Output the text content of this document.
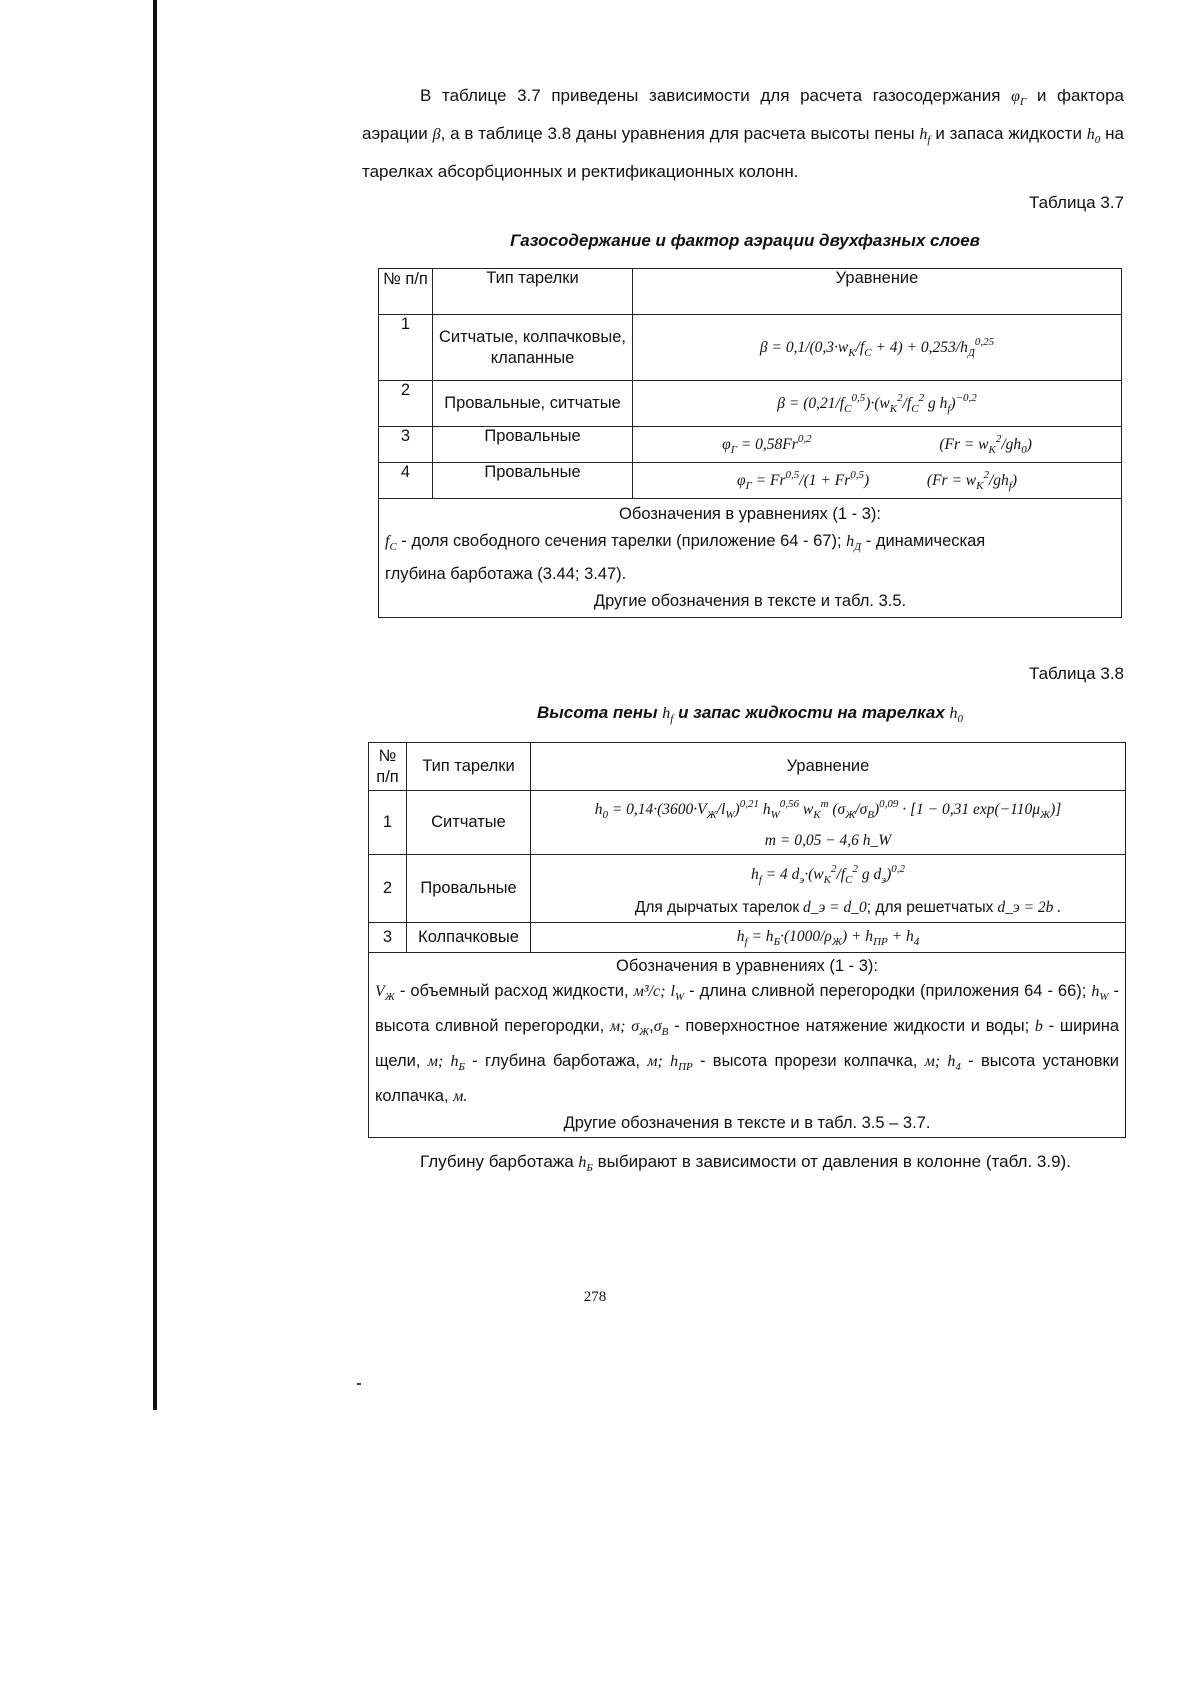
В таблице 3.7 приведены зависимости для расчета газосодержания $\varphi_Г$ и фактора аэрации β, а в таблице 3.8 даны уравнения для расчета высоты пены $h_f$ и запаса жидкости $h_0$ на тарелках абсорбционных и ректификационных колонн.

Таблица 3.7
Газосодержание и фактор аэрации двухфазных слоев
№ п/п	Тип тарелки	Уравнение
1	Ситчатые, колпачковые, клапанные	$\beta = 0,1/(0,3\cdot w_K/f_C + 4) + 0,253/h_Д^{0,25}$
2	Провальные, ситчатые	$\beta = (0,21/f_C^{0,5})\cdot(w_K^2/f_C^2$ g $h_f)^{-0,2}$
3	Провальные	$\varphi_Г = 0,58Fr^{0,2}$ $(Fr = w_K^2/gh_0)$
4	Провальные	$\varphi_Г = Fr^{0,5}/(1 + Fr^{0,5}) (Fr = w_K^2/gh_f)$

Обозначения в уравнениях (1 - 3):
$f_C$ - доля свободного сечения тарелки (приложение 64 - 67); $h_Д$ - динамическая
глубина барботажа (3.44; 3.47).
Другие обозначения в тексте и табл. 3.5.		
Таблица 3.8
Высота пены $h_f$ и запас жидкости на тарелках $h_0$
№ п/п	Тип тарелки	Уравнение
1	Ситчатые	$h_0 = 0,14\cdot(3600\cdot V_Ж/l_W)^{0,21}$ $h_W^{0,56}$ $w_K^m$ $(\sigma_Ж/\sigma_В)^{0,09} \cdot [1 - 0,31$ $\exp(-110\mu_Ж)$]
m = 0,05 − 4,6 h_W

2	Провальные	$h_f = 4$ $d_э\cdot(w_K^2/f_C^2$ g $d_э)^{0,2}$
Для дырчатых тарелок d_э = d_0; для решетчатых d_э = 2b .

3	Колпачковые	$h_f = h_Б\cdot(1000/\rho_Ж) + h_{ПР} + h_4$

Обозначения в уравнениях (1 - 3):
$V_Ж$ - объемный расход жидкости, м³/с; $l_W$ - длина сливной перегородки (приложения 64 - 66); $h_W$ - высота сливной перегородки, м; $\sigma_Ж,\sigma_В$ - поверхностное натяжение жидкости и воды; b - ширина щели, м; $h_Б$ - глубина барботажа, м; $h_{ПР}$ - высота прорези колпачка, м; $h_4$ - высота установки колпачка, м.
Другие обозначения в тексте и в табл. 3.5 – 3.7.		

Глубину барботажа $h_Б$ выбирают в зависимости от давления в колонне (табл. 3.9).

278
